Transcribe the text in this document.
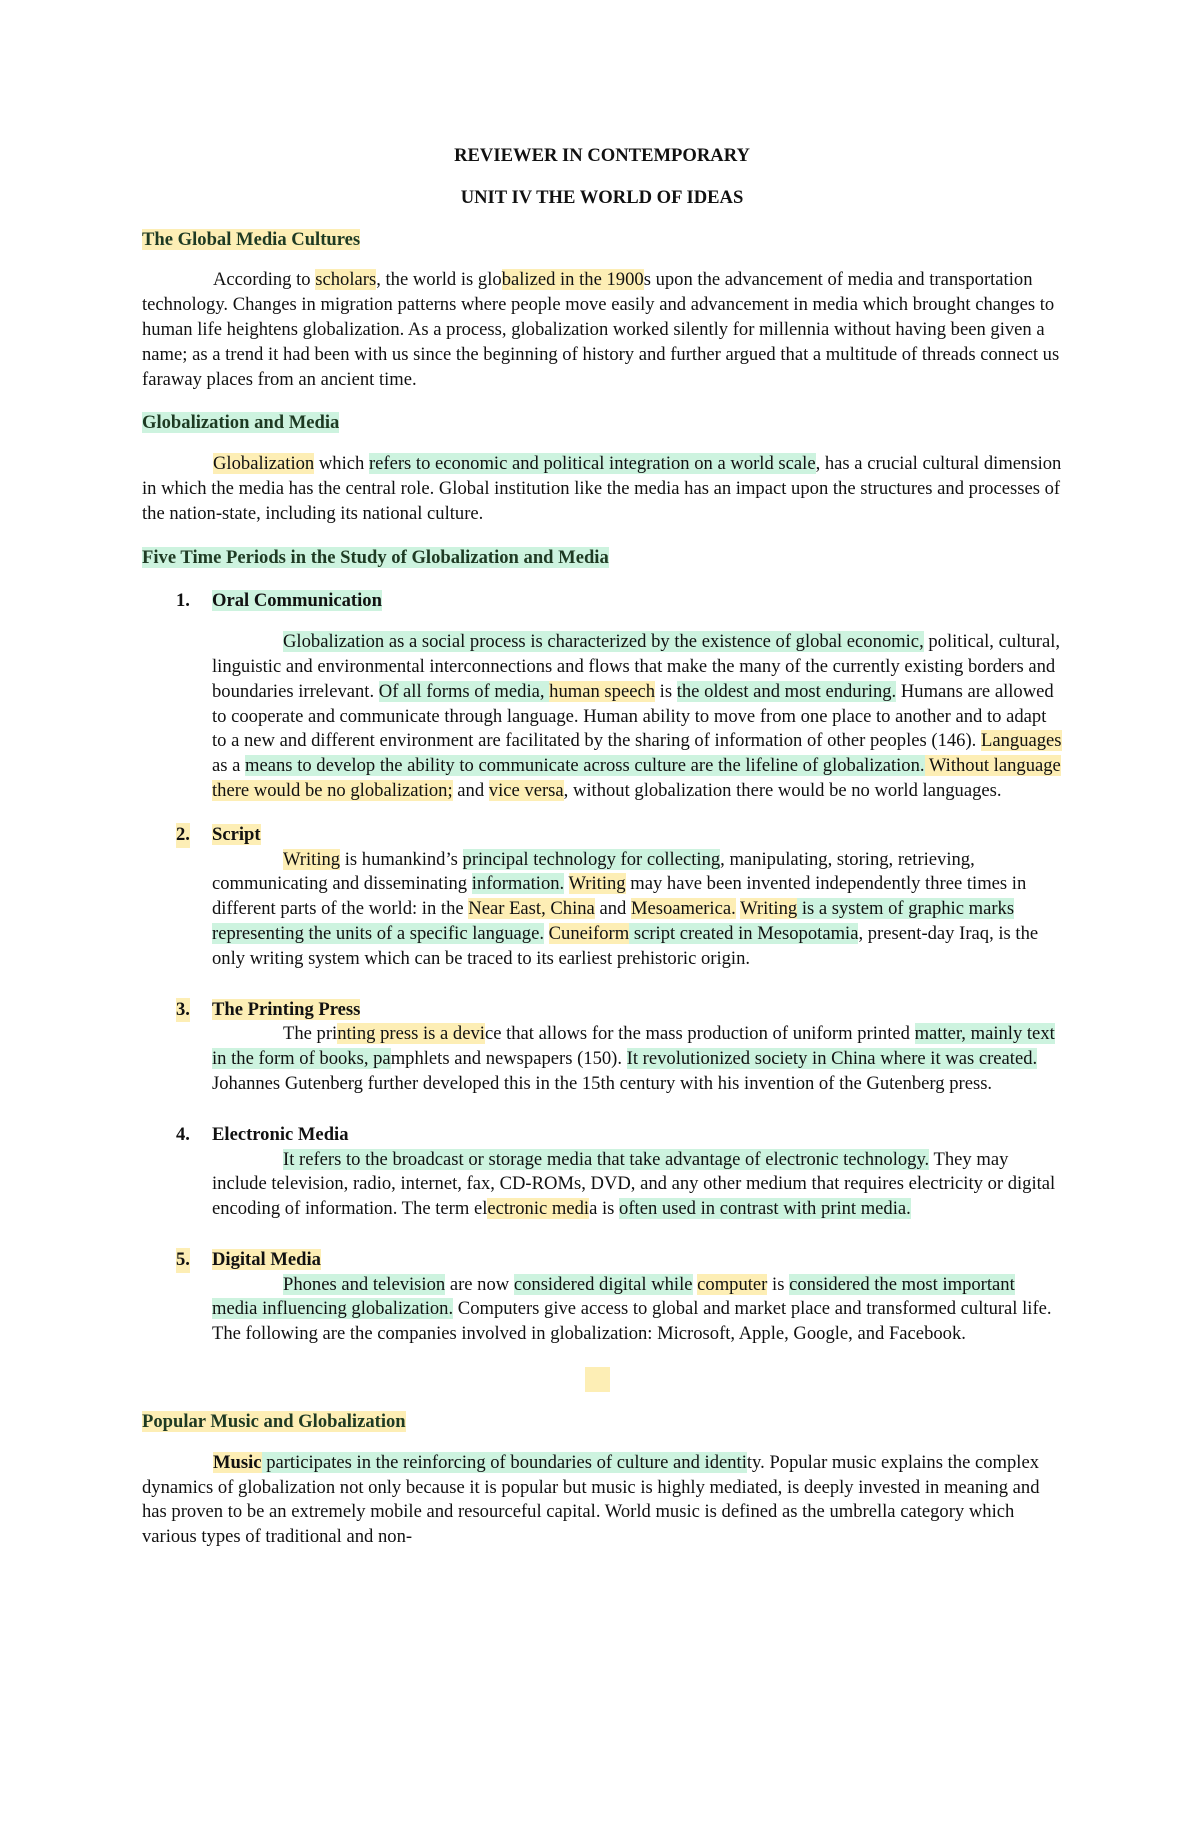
REVIEWER IN CONTEMPORARY

UNIT IV THE WORLD OF IDEAS

The Global Media Cultures

According to scholars, the world is globalized in the 1900s upon the advancement of media and transportation technology. Changes in migration patterns where people move easily and advancement in media which brought changes to human life heightens globalization. As a process, globalization worked silently for millennia without having been given a name; as a trend it had been with us since the beginning of history and further argued that a multitude of threads connect us faraway places from an ancient time.

Globalization and Media

Globalization which refers to economic and political integration on a world scale, has a crucial cultural dimension in which the media has the central role. Global institution like the media has an impact upon the structures and processes of the nation-state, including its national culture.

Five Time Periods in the Study of Globalization and Media

1. Oral Communication

Globalization as a social process is characterized by the existence of global economic, political, cultural, linguistic and environmental interconnections and flows that make the many of the currently existing borders and boundaries irrelevant. Of all forms of media, human speech is the oldest and most enduring. Humans are allowed to cooperate and communicate through language. Human ability to move from one place to another and to adapt to a new and different environment are facilitated by the sharing of information of other peoples (146). Languages as a means to develop the ability to communicate across culture are the lifeline of globalization. Without language there would be no globalization; and vice versa, without globalization there would be no world languages.

2. Script

Writing is humankind’s principal technology for collecting, manipulating, storing, retrieving, communicating and disseminating information. Writing may have been invented independently three times in different parts of the world: in the Near East, China and Mesoamerica. Writing is a system of graphic marks representing the units of a specific language. Cuneiform script created in Mesopotamia, present-day Iraq, is the only writing system which can be traced to its earliest prehistoric origin.

3. The Printing Press

The printing press is a device that allows for the mass production of uniform printed matter, mainly text in the form of books, pamphlets and newspapers (150). It revolutionized society in China where it was created. Johannes Gutenberg further developed this in the 15th century with his invention of the Gutenberg press.

4. Electronic Media

It refers to the broadcast or storage media that take advantage of electronic technology. They may include television, radio, internet, fax, CD-ROMs, DVD, and any other medium that requires electricity or digital encoding of information. The term electronic media is often used in contrast with print media.

5. Digital Media

Phones and television are now considered digital while computer is considered the most important media influencing globalization. Computers give access to global and market place and transformed cultural life. The following are the companies involved in globalization: Microsoft, Apple, Google, and Facebook.

Popular Music and Globalization

Music participates in the reinforcing of boundaries of culture and identity. Popular music explains the complex dynamics of globalization not only because it is popular but music is highly mediated, is deeply invested in meaning and has proven to be an extremely mobile and resourceful capital. World music is defined as the umbrella category which various types of traditional and non-
